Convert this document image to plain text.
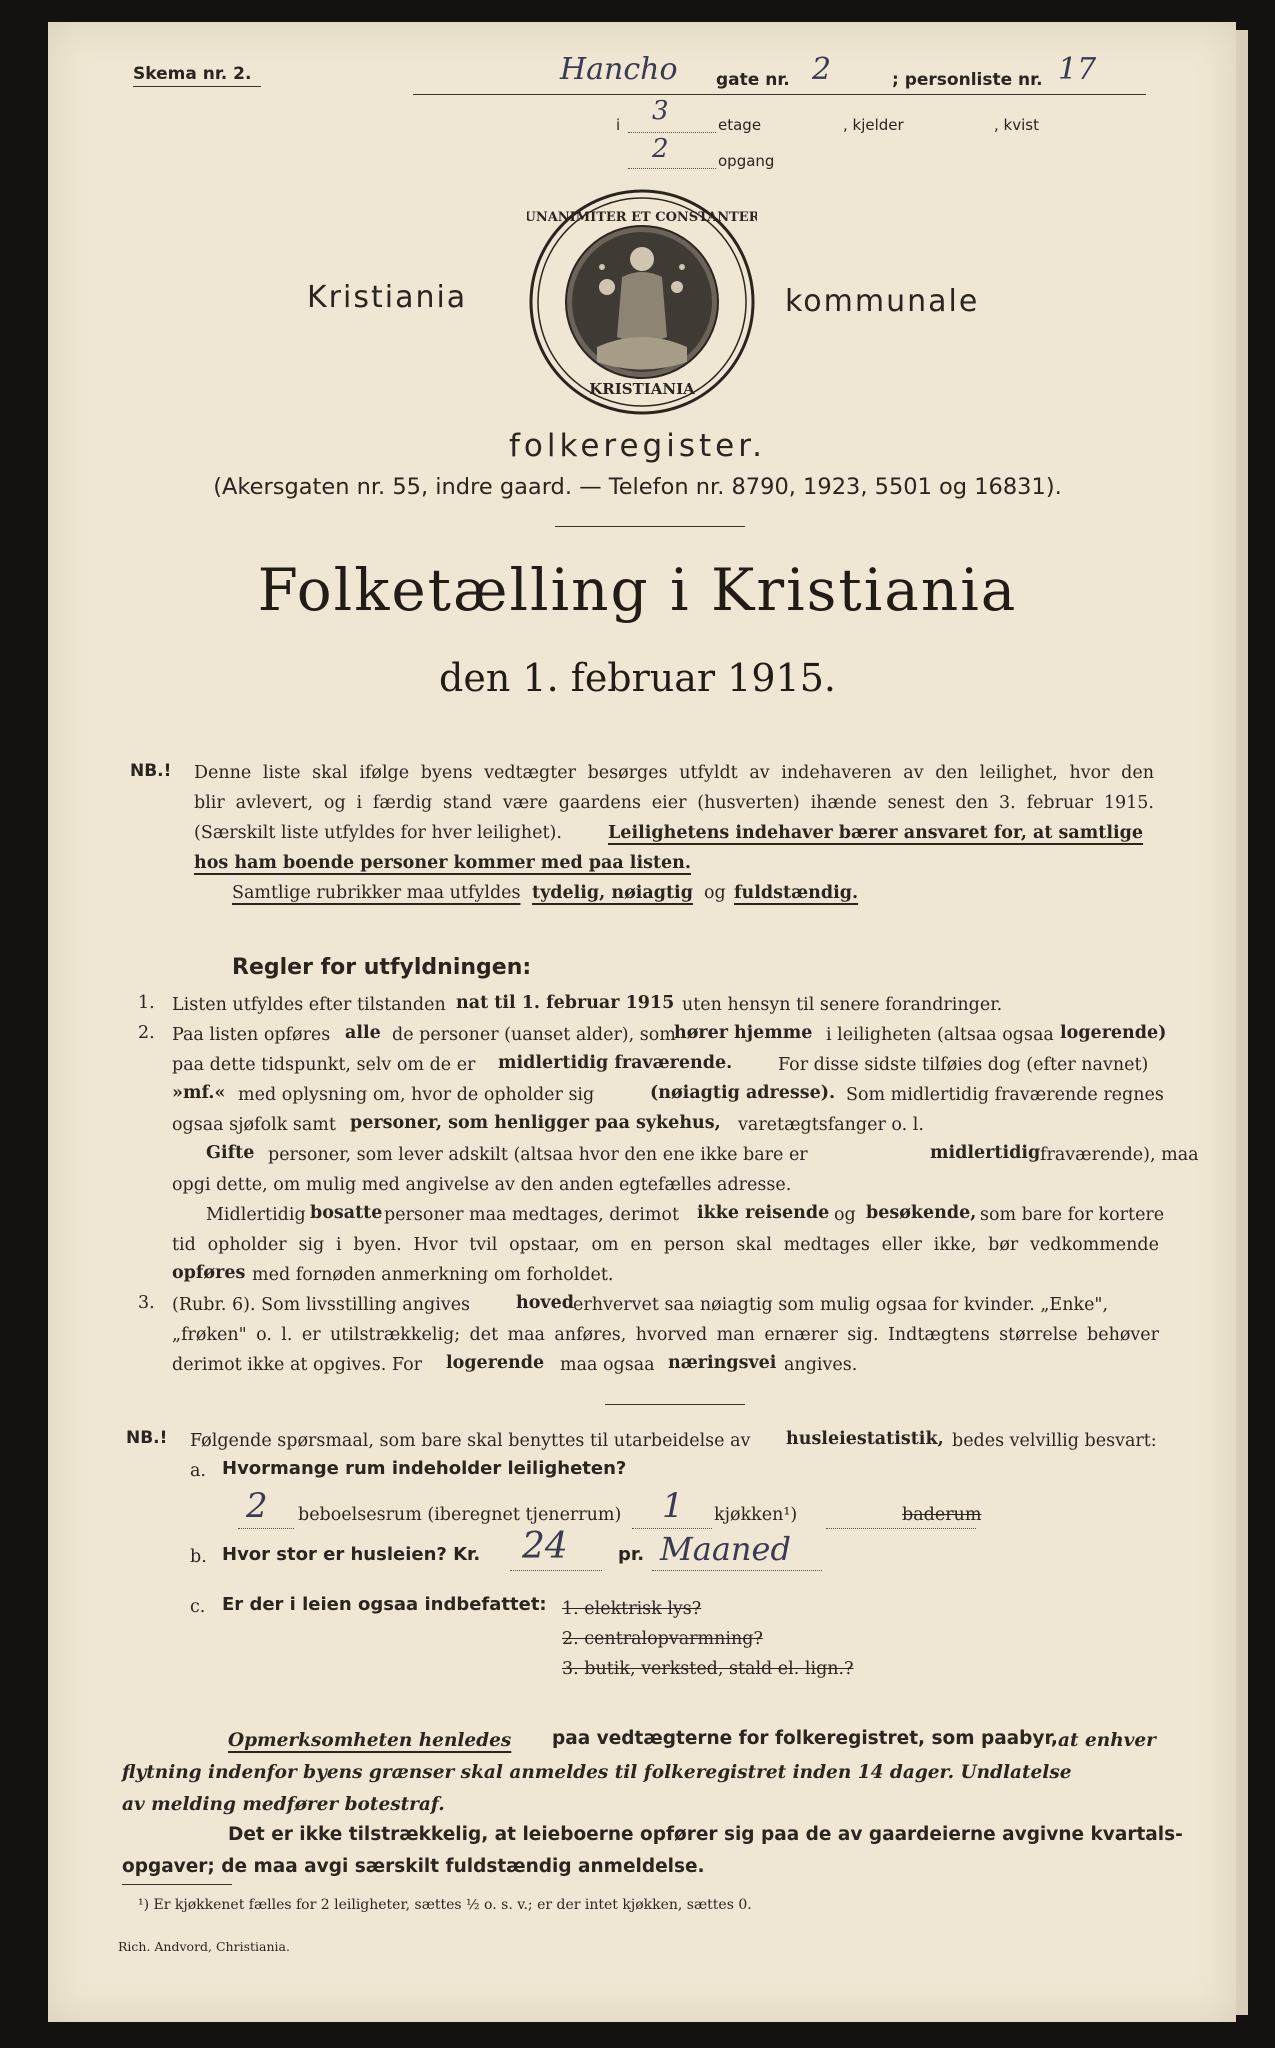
Skema nr. 2.	Hancho gate nr. 2	; personliste nr. 17
i 3	etage	, kjelder	, kvist
2	opgang
UNANIMITER ET CONSTANTER
KRISTIANIA
Kristiania	kommunale
folkeregister.
(Akersgaten nr. 55, indre gaard. — Telefon nr. 8790, 1923, 5501 og 16831).
Folketælling i Kristiania
den 1. februar 1915.
NB.! Denne liste skal ifølge byens vedtægter besørges utfyldt av indehaveren av den leilighet, hvor den
blir avlevert, og i færdig stand være gaardens eier (husverten) ihænde senest den 3. februar 1915.
(Særskilt liste utfyldes for hver leilighet).	Leilighetens indehaver bærer ansvaret for, at samtlige
hos ham boende personer kommer med paa listen.
Samtlige rubrikker maa utfyldes tydelig, nøiagtig og fuldstændig.
Regler for utfyldningen:
1. Listen utfyldes efter tilstanden nat til 1. februar 1915 uten hensyn til senere forandringer.
2. Paa listen opføres alle de personer (uanset alder), som
hører hjemme i leiligheten (altsaa ogsaa logerende)
paa dette tidspunkt, selv om de er midlertidig fraværende.	For disse sidste tilføies dog (efter navnet)
»mf.« med oplysning om, hvor de opholder sig	(nøiagtig adresse). Som midlertidig fraværende regnes
ogsaa sjøfolk samt personer, som henligger paa sykehus, varetægtsfanger o. l.
Gifte personer, som lever adskilt (altsaa hvor den ene ikke bare er	midlertidig fraværende), maa
opgi dette, om mulig med angivelse av den anden egtefælles adresse.
Midlertidig bosatte personer maa medtages, derimot ikke reisende og besøkende, som bare for kortere
tid opholder sig i byen. Hvor tvil opstaar, om en person skal medtages eller ikke, bør vedkommende
opføres med fornøden anmerkning om forholdet.
3. (Rubr. 6). Som livsstilling angives	hoved erhvervet saa nøiagtig som mulig ogsaa for kvinder. „Enke",
„frøken" o. l. er utilstrækkelig; det maa anføres, hvorved man ernærer sig. Indtægtens størrelse behøver
derimot ikke at opgives. For logerende maa ogsaa næringsvei angives.
NB.! Følgende spørsmaal, som bare skal benyttes til utarbeidelse av husleiestatistik, bedes velvillig besvart:
a. Hvormange rum indeholder leiligheten?
2 beboelsesrum (iberegnet tjenerrum) 1 kjøkken¹)	baderum
b. Hvor stor er husleien? Kr. 24	pr. Maaned
c. Er der i leien ogsaa indbefattet: 1. elektrisk lys?
2. centralopvarmning?
3. butik, verksted, stald el. lign.?
Opmerksomheten henledes paa vedtægterne for folkeregistret, som paabyr, at enhver
flytning indenfor byens grænser skal anmeldes til folkeregistret inden 14 dager. Undlatelse
av melding medfører botestraf.
Det er ikke tilstrækkelig, at leieboerne opfører sig paa de av gaardeierne avgivne kvartals-
opgaver; de maa avgi særskilt fuldstændig anmeldelse.
¹) Er kjøkkenet fælles for 2 leiligheter, sættes ½ o. s. v.; er der intet kjøkken, sættes 0.
Rich. Andvord, Christiania.
